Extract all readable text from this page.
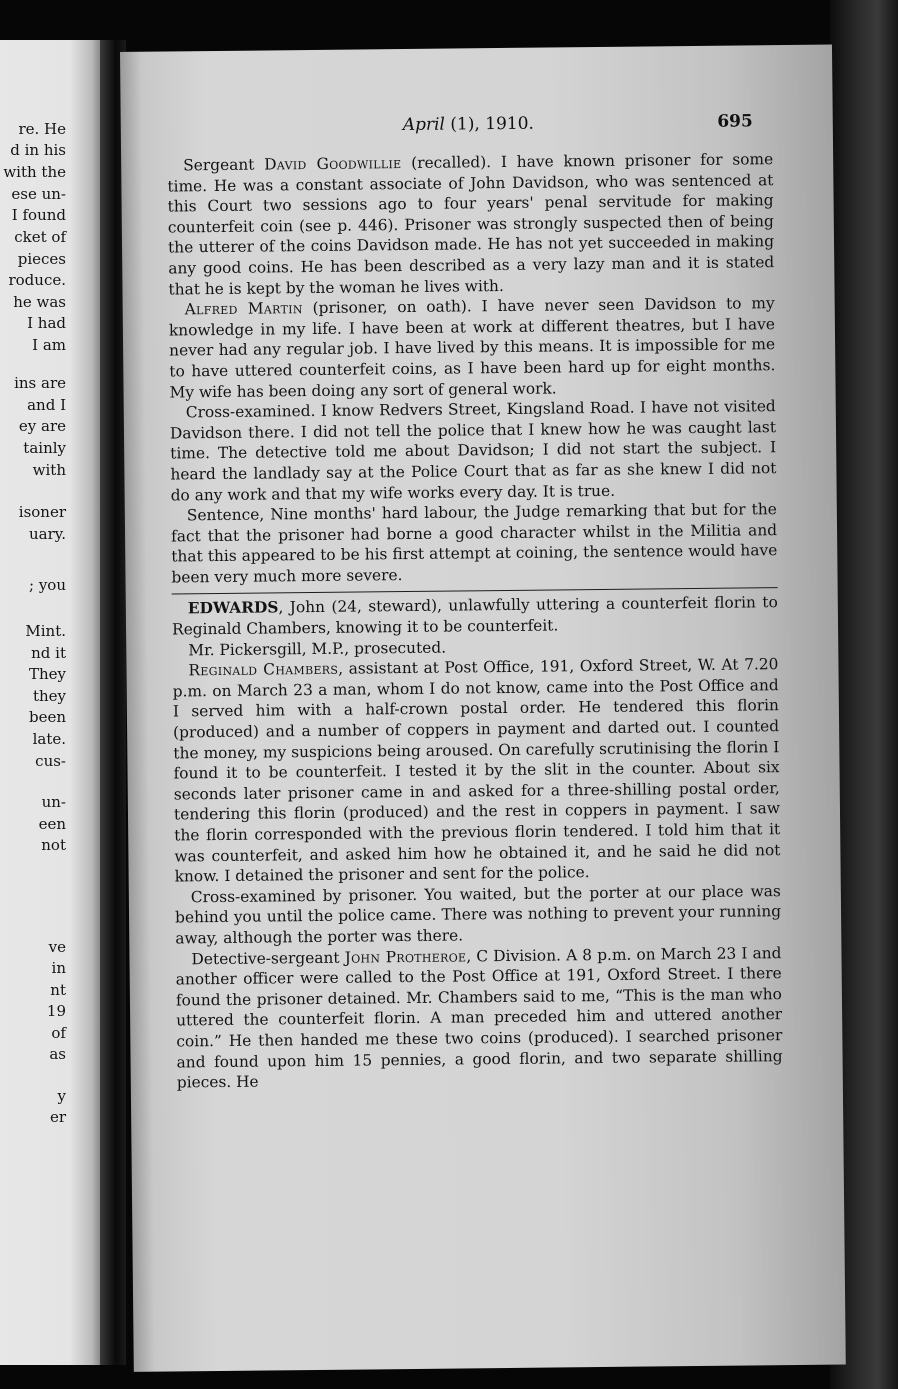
re. He
d in his
with the
ese un-
I found
cket of
pieces
roduce.
he was
I had
I am
ins are
and I
ey are
tainly
with
isoner
uary.
; you
Mint.
nd it
They
they
been
late.
cus-
un-
een
not
ve
in
nt
19
of
as
y
er
April (1), 1910.	695

Sergeant David Goodwillie (recalled). I have known prisoner for some time. He was a constant associate of John Davidson, who was sentenced at this Court two sessions ago to four years' penal servitude for making counterfeit coin (see p. 446). Prisoner was strongly suspected then of being the utterer of the coins Davidson made. He has not yet succeeded in making any good coins. He has been described as a very lazy man and it is stated that he is kept by the woman he lives with.

Alfred Martin (prisoner, on oath). I have never seen Davidson to my knowledge in my life. I have been at work at different theatres, but I have never had any regular job. I have lived by this means. It is impossible for me to have uttered counterfeit coins, as I have been hard up for eight months. My wife has been doing any sort of general work.

Cross-examined. I know Redvers Street, Kingsland Road. I have not visited Davidson there. I did not tell the police that I knew how he was caught last time. The detective told me about Davidson; I did not start the subject. I heard the landlady say at the Police Court that as far as she knew I did not do any work and that my wife works every day. It is true.

Sentence, Nine months' hard labour, the Judge remarking that but for the fact that the prisoner had borne a good character whilst in the Militia and that this appeared to be his first attempt at coining, the sentence would have been very much more severe.

EDWARDS, John (24, steward), unlawfully uttering a counterfeit florin to Reginald Chambers, knowing it to be counterfeit.

Mr. Pickersgill, M.P., prosecuted.

Reginald Chambers, assistant at Post Office, 191, Oxford Street, W. At 7.20 p.m. on March 23 a man, whom I do not know, came into the Post Office and I served him with a half-crown postal order. He tendered this florin (produced) and a number of coppers in payment and darted out. I counted the money, my suspicions being aroused. On carefully scrutinising the florin I found it to be counterfeit. I tested it by the slit in the counter. About six seconds later prisoner came in and asked for a three-shilling postal order, tendering this florin (produced) and the rest in coppers in payment. I saw the florin corresponded with the previous florin tendered. I told him that it was counterfeit, and asked him how he obtained it, and he said he did not know. I detained the prisoner and sent for the police.

Cross-examined by prisoner. You waited, but the porter at our place was behind you until the police came. There was nothing to prevent your running away, although the porter was there.

Detective-sergeant John Protheroe, C Division. A 8 p.m. on March 23 I and another officer were called to the Post Office at 191, Oxford Street. I there found the prisoner detained. Mr. Chambers said to me, “This is the man who uttered the counterfeit florin. A man preceded him and uttered another coin.” He then handed me these two coins (produced). I searched prisoner and found upon him 15 pennies, a good florin, and two separate shilling pieces. He
